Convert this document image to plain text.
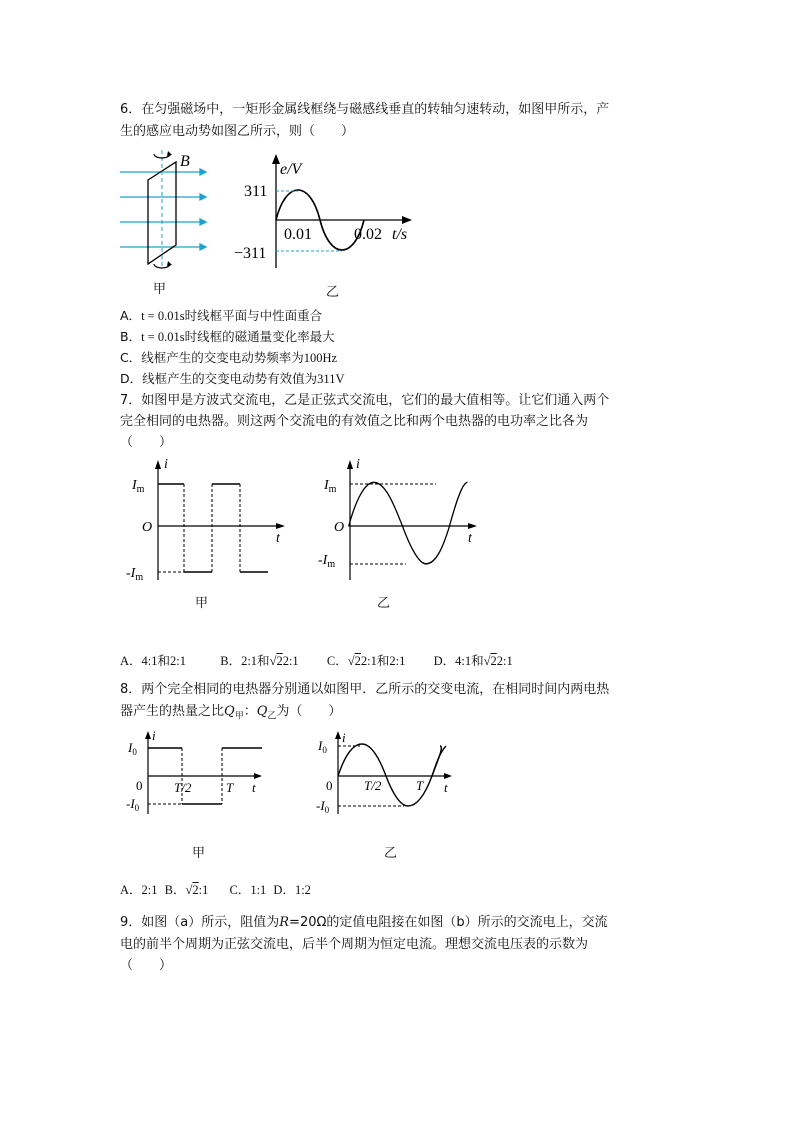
6．在匀强磁场中，一矩形金属线框绕与磁感线垂直的转轴匀速转动，如图甲所示，产
生的感应电动势如图乙所示，则（　　）
B
甲
e/V
311
−311
0.01	0.02 t/s
乙
A．t = 0.01s时线框平面与中性面重合
B．t = 0.01s时线框的磁通量变化率最大
C．线框产生的交变电动势频率为100Hz
D．线框产生的交变电动势有效值为311V
7．如图甲是方波式交流电，乙是正弦式交流电，它们的最大值相等。让它们通入两个
完全相同的电热器。则这两个交流电的有效值之比和两个电热器的电功率之比各为
（　　）
i
t
$I_m$
O
$-I_m$
甲
i
t
$I_m$
O
$-I_m$
乙
A．4:1和2:1	B．2:1和√22:1 C．√22:1和2:1 D．4:1和√22:1
8．两个完全相同的电热器分别通以如图甲．乙所示的交变电流，在相同时间内两电热
器产生的热量之比$Q_甲$：$Q_乙$为（　　）
i
t
$I_0$
0 T/2	T
$-I_0$
甲
i
t
$I_0$
0 T/2	T
$-I_0$
乙
A．2:1 B．√2:1 C．1:1 D．1:2
9．如图（a）所示，阻值为R=20Ω的定值电阻接在如图（b）所示的交流电上，交流
电的前半个周期为正弦交流电，后半个周期为恒定电流。理想交流电压表的示数为
（　　）
